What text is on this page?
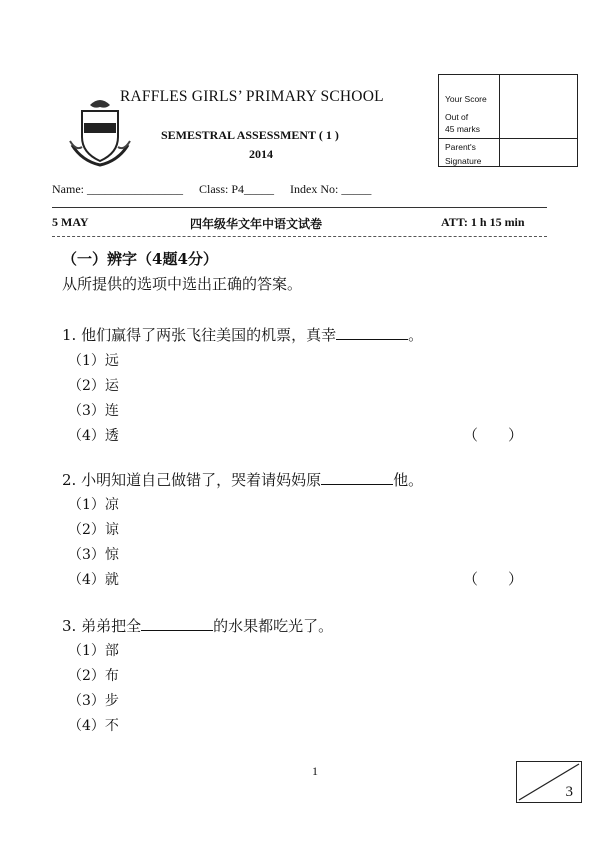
RAFFLES GIRLS’ PRIMARY SCHOOL
SEMESTRAL ASSESSMENT ( 1 )
2014
Your Score
Out of
45 marks
Parent's
Signature
Name: ________________ Class: P4_____ Index No: _____
5 MAY	四年级华文年中语文试卷	ATT: 1 h 15 min
（一）辨字（4题4分）
从所提供的选项中选出正确的答案。
1. 他们赢得了两张飞往美国的机票，真幸	。
（1）远
（2）运
（3）连
（4）透	（　　）
2. 小明知道自己做错了，哭着请妈妈原	他。
（1）凉
（2）谅
（3）惊
（4）就	（　　）
3. 弟弟把全	的水果都吃光了。
（1）部
（2）布
（3）步
（4）不
1
3
